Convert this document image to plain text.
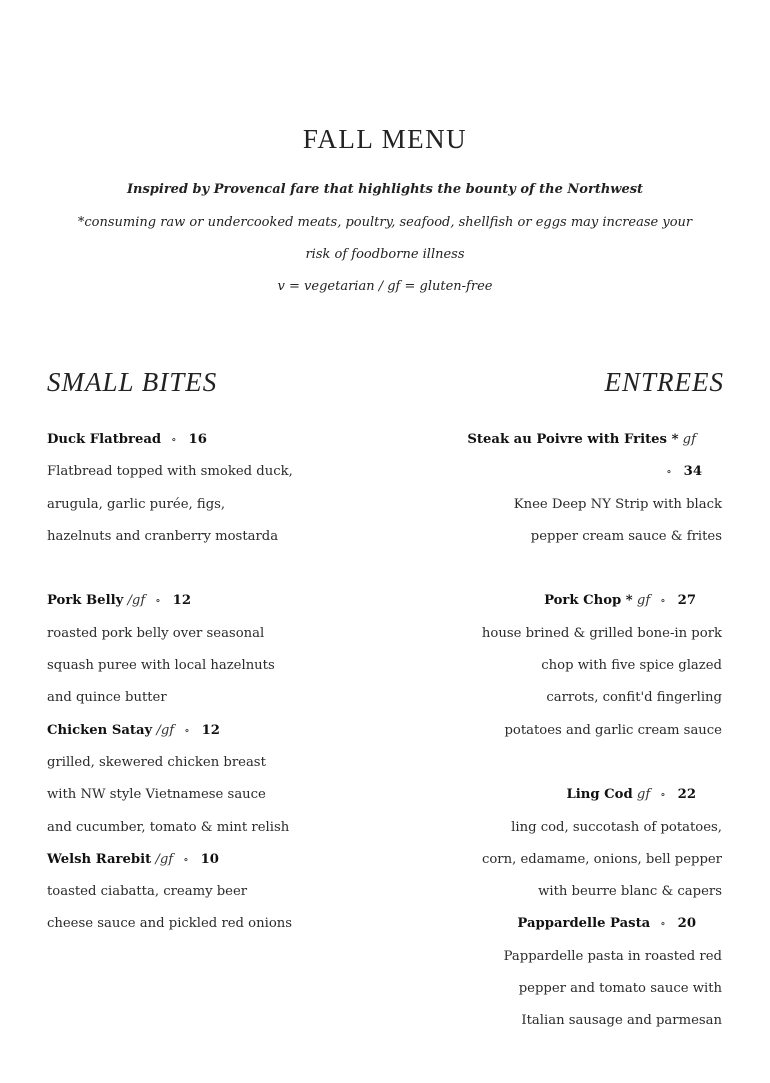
FALL MENU
Inspired by Provencal fare that highlights the bounty of the Northwest
*consuming raw or undercooked meats, poultry, seafood, shellfish or eggs may increase your
risk of foodborne illness
v = vegetarian / gf = gluten-free
SMALL BITES	ENTREES
Duck Flatbread ∘ 16
Flatbread topped with smoked duck,
arugula, garlic purée, figs,
hazelnuts and cranberry mostarda
Pork Belly /gf ∘ 12
roasted pork belly over seasonal
squash puree with local hazelnuts
and quince butter
Chicken Satay /gf ∘ 12
grilled, skewered chicken breast
with NW style Vietnamese sauce
and cucumber, tomato & mint relish
Welsh Rarebit /gf ∘ 10
toasted ciabatta, creamy beer
cheese sauce and pickled red onions
Steak au Poivre with Frites * gf
∘ 34
Knee Deep NY Strip with black
pepper cream sauce & frites
Pork Chop * gf ∘ 27
house brined & grilled bone-in pork
chop with five spice glazed
carrots, confit'd fingerling
potatoes and garlic cream sauce
Ling Cod gf ∘ 22
ling cod, succotash of potatoes,
corn, edamame, onions, bell pepper
with beurre blanc & capers
Pappardelle Pasta ∘ 20
Pappardelle pasta in roasted red
pepper and tomato sauce with
Italian sausage and parmesan
